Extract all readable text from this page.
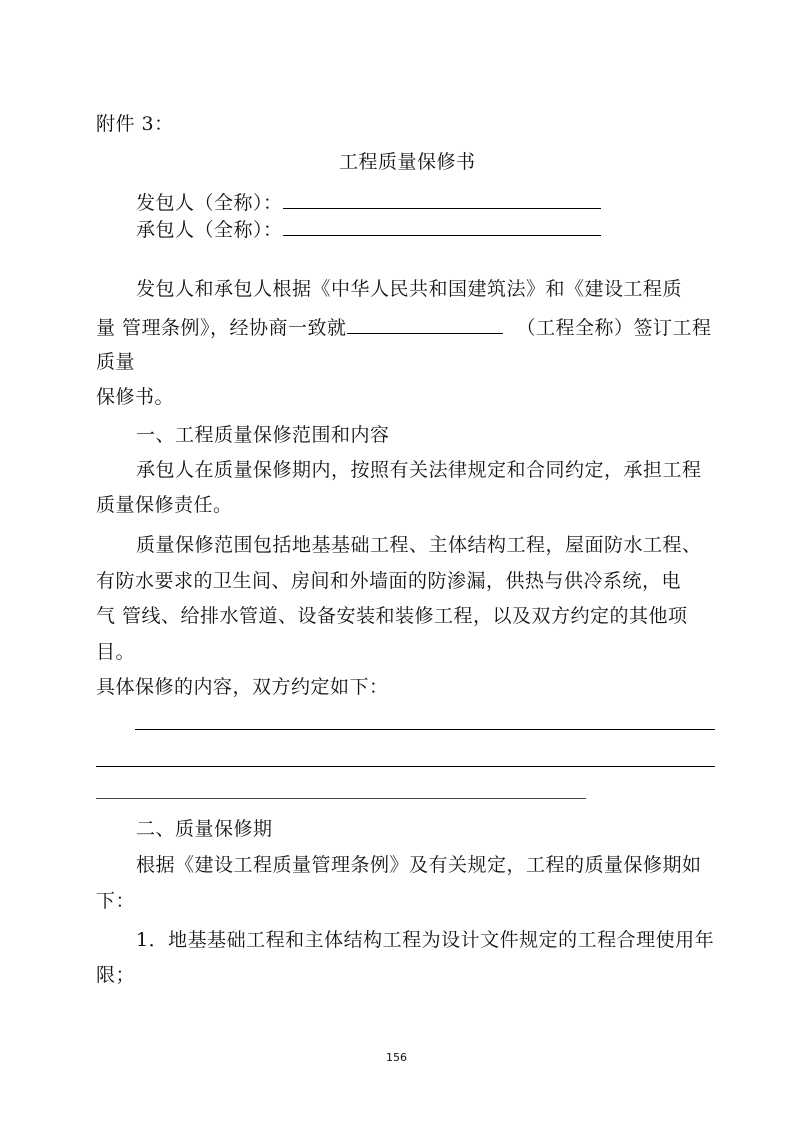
附件 3：
工程质量保修书
发包人（全称）：
承包人（全称）：
发包人和承包人根据《中华人民共和国建筑法》和《建设工程质
量 管理条例》，经协商一致就	（工程全称）签订工程
质量
保修书。
一、工程质量保修范围和内容
承包人在质量保修期内，按照有关法律规定和合同约定，承担工程
质量保修责任。
质量保修范围包括地基基础工程、主体结构工程，屋面防水工程、
有防水要求的卫生间、房间和外墙面的防渗漏，供热与供冷系统，电
气 管线、给排水管道、设备安装和装修工程，以及双方约定的其他项
目。
具体保修的内容，双方约定如下：
二、质量保修期
根据《建设工程质量管理条例》及有关规定，工程的质量保修期如
下：
1．地基基础工程和主体结构工程为设计文件规定的工程合理使用年
限；
156
